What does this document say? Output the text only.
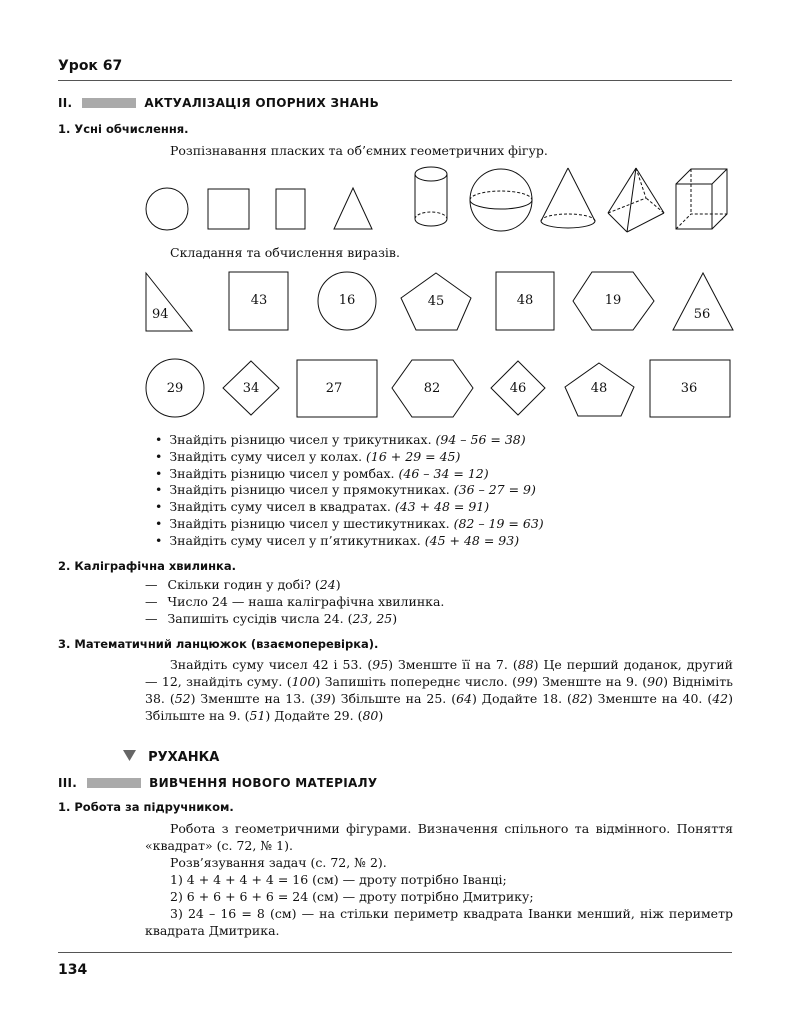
Урок 67
II.	АКТУАЛІЗАЦІЯ ОПОРНИХ ЗНАНЬ
1. Усні обчислення.
Розпізнавання пласких та об’ємних геометричних фігур.
Складання та обчислення виразів.
94
43	16	45	48	19
56
29	34	27	82	46	48	36
• Знайдіть різницю чисел у трикутниках. (94 – 56 = 38)
• Знайдіть суму чисел у колах. (16 + 29 = 45)
• Знайдіть різницю чисел у ромбах. (46 – 34 = 12)
• Знайдіть різницю чисел у прямокутниках. (36 – 27 = 9)
• Знайдіть суму чисел в квадратах. (43 + 48 = 91)
• Знайдіть різницю чисел у шестикутниках. (82 – 19 = 63)
• Знайдіть суму чисел у п’ятикутниках. (45 + 48 = 93)
2. Каліграфічна хвилинка.
— Скільки годин у добі? (24)
— Число 24 — наша каліграфічна хвилинка.
— Запишіть сусідів числа 24. (23, 25)
3. Математичний ланцюжок (взаємоперевірка).

Знайдіть суму чисел 42 і 53. (95) Зменште її на 7. (88) Це перший доданок, другий — 12, знайдіть суму. (100) Запишіть попереднє число. (99) Зменште на 9. (90) Відніміть 38. (52) Зменште на 13. (39) Збільште на 25. (64) Додайте 18. (82) Зменште на 40. (42) Збільште на 9. (51) Додайте 29. (80)

РУХАНКА
III.	ВИВЧЕННЯ НОВОГО МАТЕРІАЛУ
1. Робота за підручником.

Робота з геометричними фігурами. Визначення спільного та відмінного. Поняття «квадрат» (с. 72, № 1).

Розв’язування задач (с. 72, № 2).

1) 4 + 4 + 4 + 4 = 16 (см) — дроту потрібно Іванці;

2) 6 + 6 + 6 + 6 = 24 (см) — дроту потрібно Дмитрику;

3) 24 – 16 = 8 (см) — на стільки периметр квадрата Іванки менший, ніж периметр квадрата Дмитрика.

134
